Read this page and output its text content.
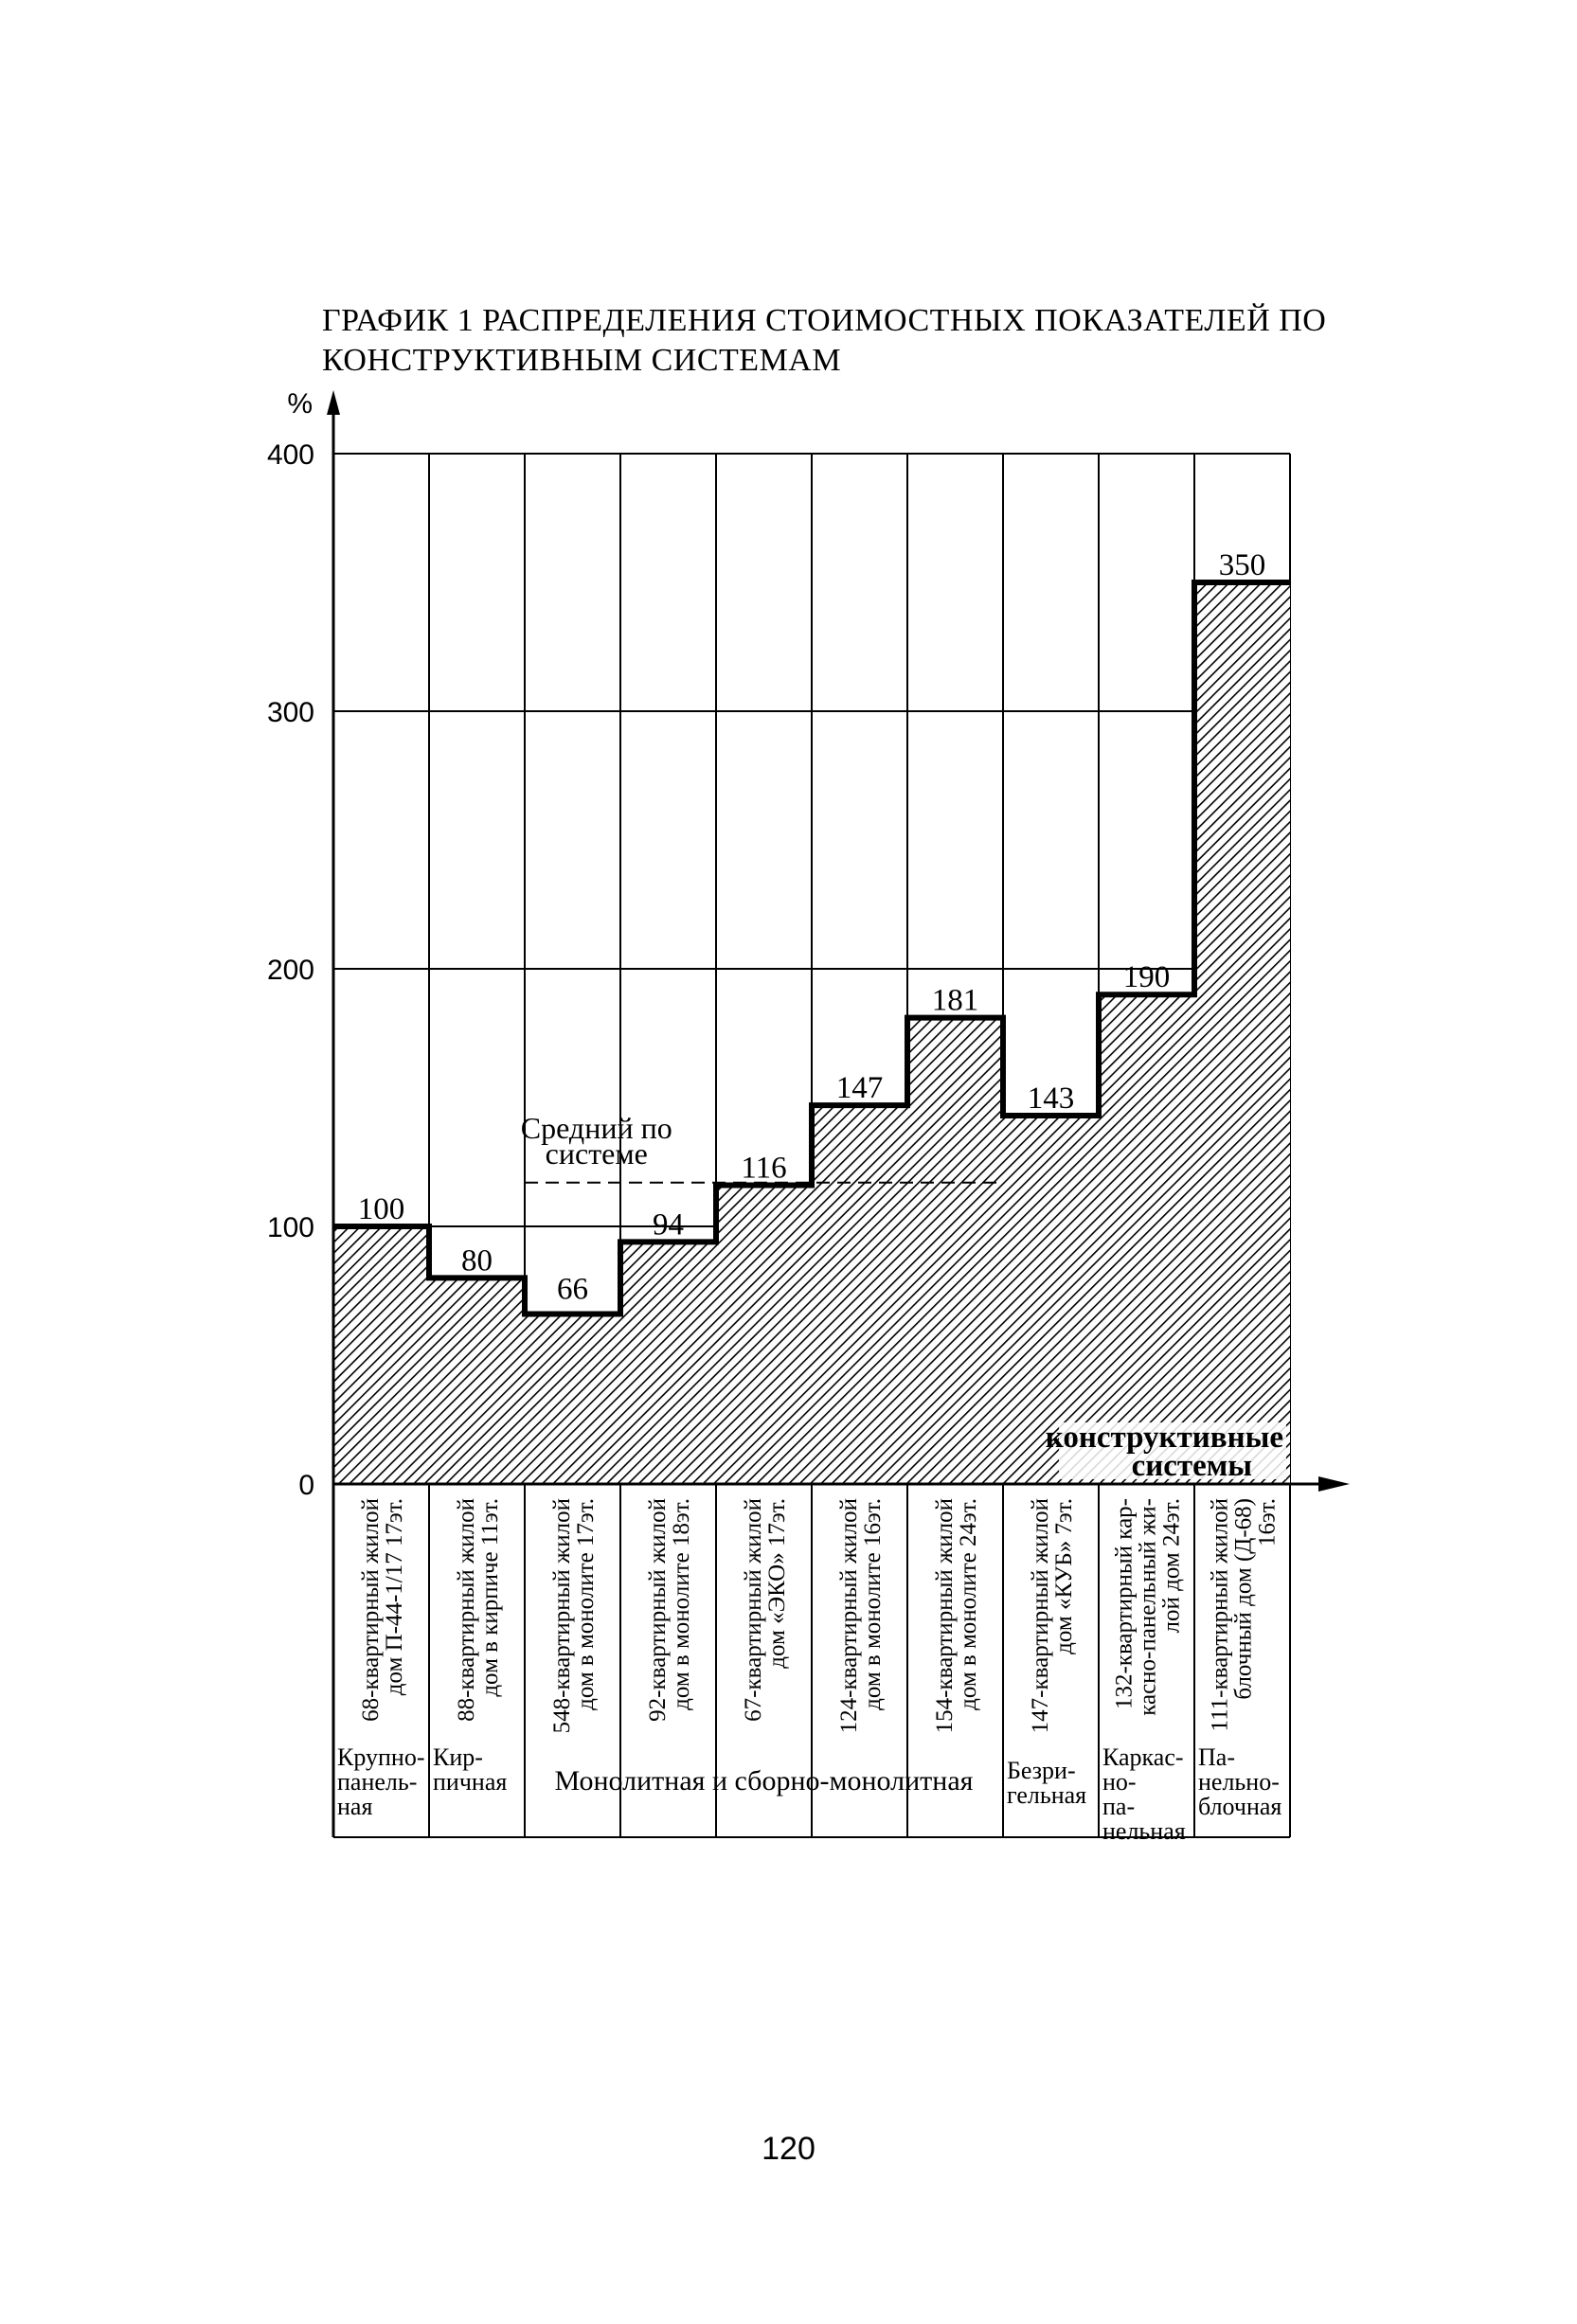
ГРАФИК 1 РАСПРЕДЕЛЕНИЯ СТОИМОСТНЫХ ПОКАЗАТЕЛЕЙ ПО
КОНСТРУКТИВНЫМ СИСТЕМАМ
Средний по
системе
100
80
66
94
116
147
181
143
190
350
0
100
200
300
400
%
конструктивные
системы
68-квартирный жилой
дом П-44-1/17 17эт. 88-квартирный жилой
дом в кирпиче 11эт. 548-квартирный жилой
дом в монолите 17эт. 92-квартирный жилой
дом в монолите 18эт. 67-квартирный жилой
дом «ЭКО» 17эт. 124-квартирный жилой
дом в монолите 16эт. 154-квартирный жилой
дом в монолите 24эт. 147-квартирный жилой
дом «КУБ» 7эт. 132-квартирный кар-
касно-панельный жи-
лой дом 24эт. 111-квартирный жилой
блочный дом (Д-68)
16эт.
Крупно-
панель-
ная
Кир-
пичная Монолитная и сборно-монолитная Безри-
гельная
Каркас-
но-
па-
нельная
Па-
нельно-
блочная
120
